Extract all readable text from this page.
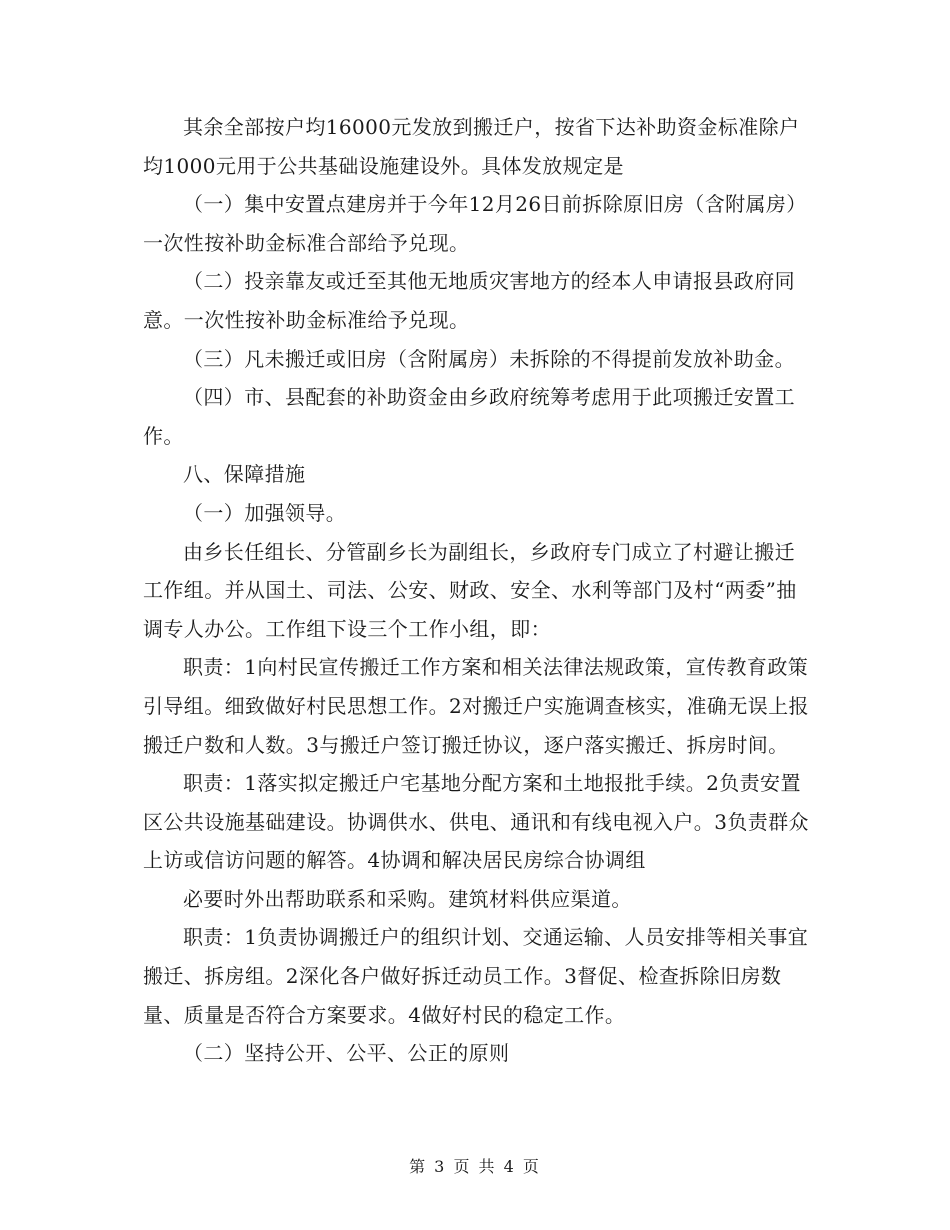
其余全部按户均16000元发放到搬迁户，按省下达补助资金标准除户均1000元用于公共基础设施建设外。具体发放规定是

（一）集中安置点建房并于今年12月26日前拆除原旧房（含附属房）一次性按补助金标准合部给予兑现。

（二）投亲靠友或迁至其他无地质灾害地方的经本人申请报县政府同意。一次性按补助金标准给予兑现。

（三）凡未搬迁或旧房（含附属房）未拆除的不得提前发放补助金。

（四）市、县配套的补助资金由乡政府统筹考虑用于此项搬迁安置工作。

八、保障措施

（一）加强领导。

由乡长任组长、分管副乡长为副组长，乡政府专门成立了村避让搬迁工作组。并从国土、司法、公安、财政、安全、水利等部门及村“两委”抽调专人办公。工作组下设三个工作小组，即：

职责：1向村民宣传搬迁工作方案和相关法律法规政策，宣传教育政策引导组。细致做好村民思想工作。2对搬迁户实施调查核实，准确无误上报搬迁户数和人数。3与搬迁户签订搬迁协议，逐户落实搬迁、拆房时间。

职责：1落实拟定搬迁户宅基地分配方案和土地报批手续。2负责安置区公共设施基础建设。协调供水、供电、通讯和有线电视入户。3负责群众上访或信访问题的解答。4协调和解决居民房综合协调组

必要时外出帮助联系和采购。建筑材料供应渠道。

职责：1负责协调搬迁户的组织计划、交通运输、人员安排等相关事宜搬迁、拆房组。2深化各户做好拆迁动员工作。3督促、检查拆除旧房数量、质量是否符合方案要求。4做好村民的稳定工作。

（二）坚持公开、公平、公正的原则

第 3 页 共 4 页
